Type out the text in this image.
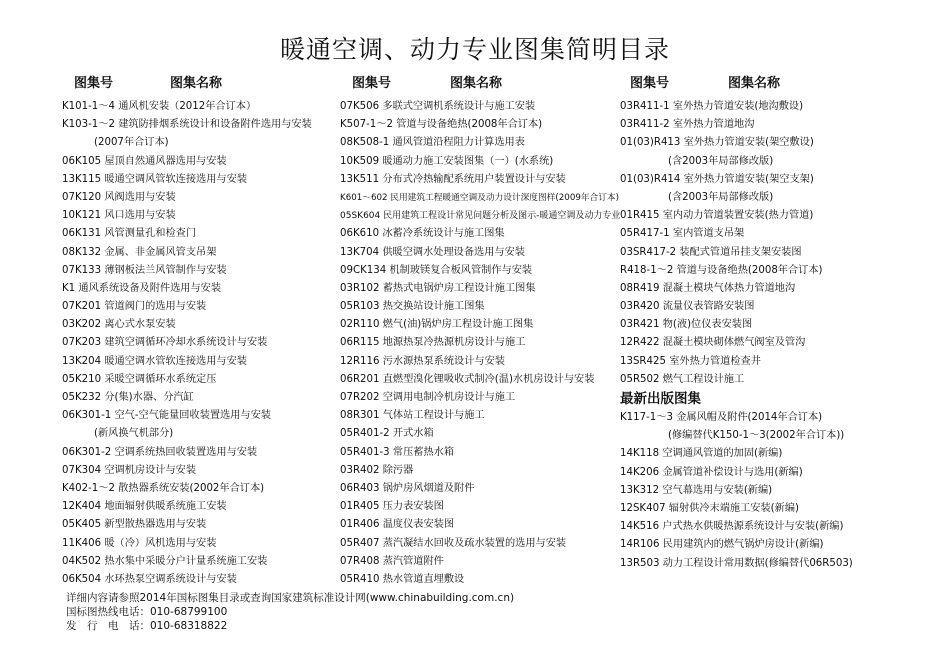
暖通空调、动力专业图集简明目录
图集号	图集名称
K101-1～4 通风机安装（2012年合订本）
K103-1～2 建筑防排烟系统设计和设备附件选用与安装
(2007年合订本)
06K105 屋顶自然通风器选用与安装
13K115 暖通空调风管软连接选用与安装
07K120 风阀选用与安装
10K121 风口选用与安装
06K131 风管测量孔和检查门
08K132 金属、非金属风管支吊架
07K133 薄钢板法兰风管制作与安装
K1 通风系统设备及附件选用与安装
07K201 管道阀门的选用与安装
03K202 离心式水泵安装
07K203 建筑空调循环冷却水系统设计与安装
13K204 暖通空调水管软连接选用与安装
05K210 采暖空调循环水系统定压
05K232 分(集)水器、分汽缸
06K301-1 空气-空气能量回收装置选用与安装
(新风换气机部分)
06K301-2 空调系统热回收装置选用与安装
07K304 空调机房设计与安装
K402-1～2 散热器系统安装(2002年合订本)
12K404 地面辐射供暖系统施工安装
05K405 新型散热器选用与安装
11K406 暖（冷）风机选用与安装
04K502 热水集中采暖分户计量系统施工安装
06K504 水环热泵空调系统设计与安装
图集号	图集名称
07K506 多联式空调机系统设计与施工安装
K507-1～2 管道与设备绝热(2008年合订本)
08K508-1 通风管道沿程阻力计算选用表
10K509 暖通动力施工安装图集（一）(水系统)
13K511 分布式冷热输配系统用户装置设计与安装
K601～602 民用建筑工程暖通空调及动力设计深度图样(2009年合订本)
05SK604 民用建筑工程设计常见问题分析及图示-暖通空调及动力专业
06K610 冰蓄冷系统设计与施工图集
13K704 供暖空调水处理设备选用与安装
09CK134 机制玻镁复合板风管制作与安装
03R102 蓄热式电锅炉房工程设计施工图集
05R103 热交换站设计施工图集
02R110 燃气(油)锅炉房工程设计施工图集
06R115 地源热泵冷热源机房设计与施工
12R116 污水源热泵系统设计与安装
06R201 直燃型溴化锂吸收式制冷(温)水机房设计与安装
07R202 空调用电制冷机房设计与施工
08R301 气体站工程设计与施工
05R401-2 开式水箱
05R401-3 常压蓄热水箱
03R402 除污器
06R403 锅炉房风烟道及附件
01R405 压力表安装图
01R406 温度仪表安装图
05R407 蒸汽凝结水回收及疏水装置的选用与安装
07R408 蒸汽管道附件
05R410 热水管道直埋敷设
图集号	图集名称
03R411-1 室外热力管道安装(地沟敷设)
03R411-2 室外热力管道地沟
01(03)R413 室外热力管道安装(架空敷设)
(含2003年局部修改版)
01(03)R414 室外热力管道安装(架空支架)
(含2003年局部修改版)
01R415 室内动力管道装置安装(热力管道)
05R417-1 室内管道支吊架
03SR417-2 装配式管道吊挂支架安装图
R418-1～2 管道与设备绝热(2008年合订本)
08R419 混凝土模块气体热力管道地沟
03R420 流量仪表管路安装图
03R421 物(液)位仪表安装图
12R422 混凝土模块砌体燃气阀室及管沟
13SR425 室外热力管道检查井
05R502 燃气工程设计施工
最新出版图集
K117-1～3 金属风帽及附件(2014年合订本)
(修编替代K150-1～3(2002年合订本))
14K118 空调通风管道的加固(新编)
14K206 金属管道补偿设计与选用(新编)
13K312 空气幕选用与安装(新编)
12SK407 辐射供冷末端施工安装(新编)
14K516 户式热水供暖热源系统设计与安装(新编)
14R106 民用建筑内的燃气锅炉房设计(新编)
13R503 动力工程设计常用数据(修编替代06R503)
详细内容请参照2014年国标图集目录或查询国家建筑标准设计网(www.chinabuilding.com.cn)
国标图热线电话：010-68799100
发　行　电　话：010-68318822
